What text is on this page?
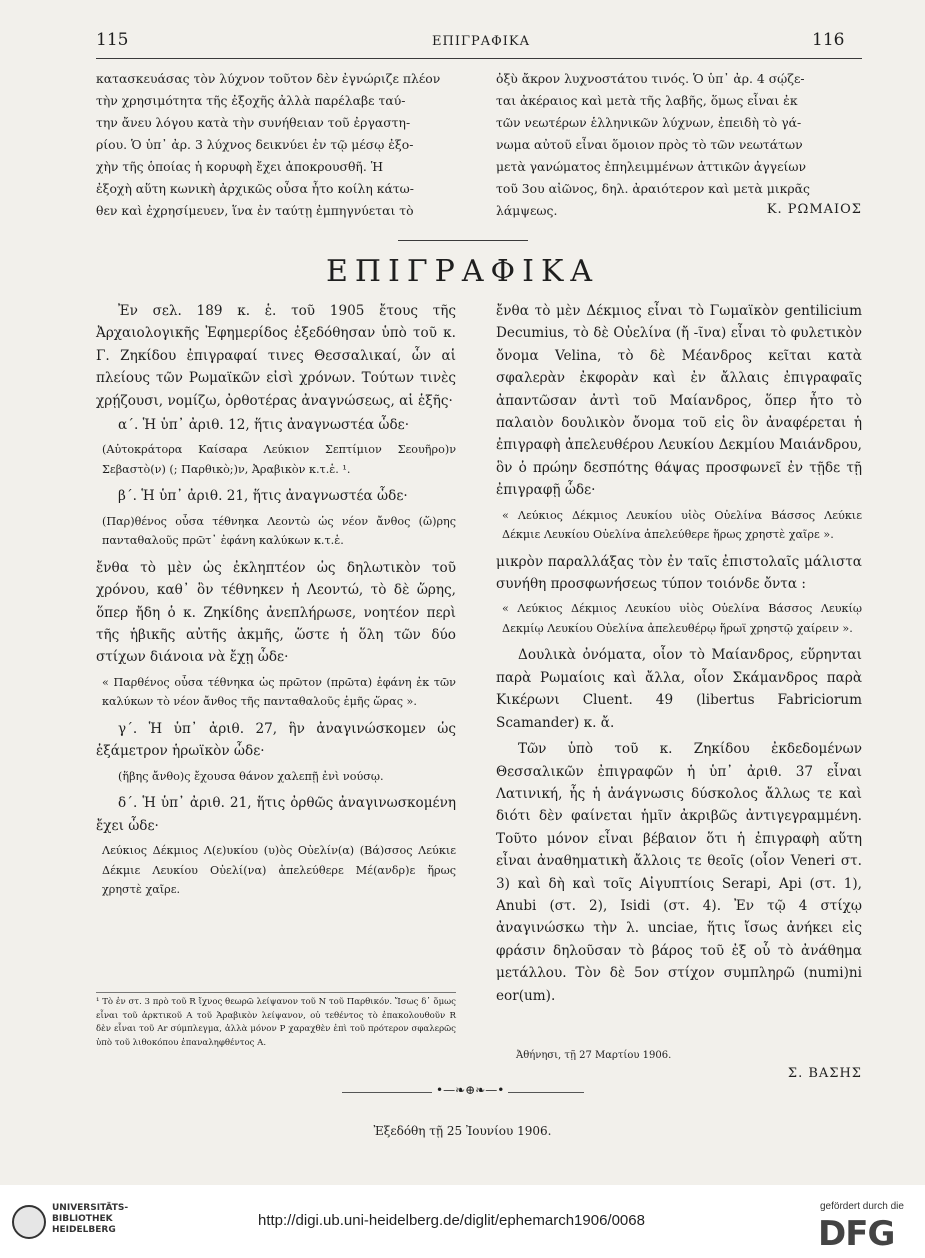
115	ΕΠΙΓΡΑΦΙΚΑ	116

κατασκευάσας τὸν λύχνον τοῦτον δὲν ἐγνώριζε πλέον

τὴν χρησιμότητα τῆς ἐξοχῆς ἀλλὰ παρέλαβε ταύ-

την ἄνευ λόγου κατὰ τὴν συνήθειαν τοῦ ἐργαστη-

ρίου. Ὁ ὑπ᾽ ἀρ. 3 λύχνος δεικνύει ἐν τῷ μέσῳ ἐξο-

χὴν τῆς ὁποίας ἡ κορυφὴ ἔχει ἀποκρουσθῆ. Ἡ

ἐξοχὴ αὕτη κωνικὴ ἀρχικῶς οὖσα ἦτο κοίλη κάτω-

θεν καὶ ἐχρησίμευεν, ἵνα ἐν ταύτῃ ἐμπηγνύεται τὸ

ὀξὺ ἄκρον λυχνοστάτου τινός. Ὁ ὑπ᾽ ἀρ. 4 σῴζε-

ται ἀκέραιος καὶ μετὰ τῆς λαβῆς, ὅμως εἶναι ἐκ

τῶν νεωτέρων ἑλληνικῶν λύχνων, ἐπειδὴ τὸ γά-

νωμα αὐτοῦ εἶναι ὅμοιον πρὸς τὸ τῶν νεωτάτων

μετὰ γανώματος ἐπηλειμμένων ἀττικῶν ἀγγείων

τοῦ 3ου αἰῶνος, δηλ. ἀραιότερον καὶ μετὰ μικρᾶς

λάμψεως.	Κ. ΡΩΜΑΙΟΣ
ΕΠΙΓΡΑΦΙΚΑ

Ἐν σελ. 189 κ. ἑ. τοῦ 1905 ἔτους τῆς Ἀρχαιολογικῆς Ἐφημερίδος ἐξεδόθησαν ὑπὸ τοῦ κ. Γ. Ζηκίδου ἐπιγραφαί τινες Θεσσαλικαί, ὧν αἱ πλείους τῶν Ρωμαϊκῶν εἰσὶ χρόνων. Τούτων τινὲς χρῄζουσι, νομίζω, ὀρθοτέρας ἀναγνώσεως, αἱ ἑξῆς·

α΄. Ἡ ὑπ᾽ ἀριθ. 12, ἥτις ἀναγνωστέα ὧδε·

(Αὐτοκράτορα Καίσαρα Λεύκιον Σεπτίμιον Σεουῆρο)ν Σεβαστὸ(ν) (; Παρθικὸ;)ν, Ἀραβικὸν κ.τ.ἑ. ¹.

β΄. Ἡ ὑπ᾽ ἀριθ. 21, ἥτις ἀναγνωστέα ὧδε·

(Παρ)θένος οὖσα τέθνηκα Λεοντὼ ὡς νέον ἄνθος (ὥ)ρης πανταθαλοῦς πρῶτ᾽ ἐφάνη καλύκων κ.τ.ἑ.

ἔνθα τὸ μὲν ὡς ἐκληπτέον ὡς δηλωτικὸν τοῦ χρόνου, καθ᾽ ὃν τέθνηκεν ἡ Λεοντώ, τὸ δὲ ὥρης, ὅπερ ἤδη ὁ κ. Ζηκίδης ἀνεπλήρωσε, νοητέον περὶ τῆς ἡβικῆς αὐτῆς ἀκμῆς, ὥστε ἡ ὅλη τῶν δύο στίχων διάνοια νὰ ἔχῃ ὧδε·

« Παρθένος οὖσα τέθνηκα ὡς πρῶτον (πρῶτα) ἐφάνη ἐκ τῶν καλύκων τὸ νέον ἄνθος τῆς πανταθαλοῦς ἐμῆς ὥρας ».

γ΄. Ἡ ὑπ᾽ ἀριθ. 27, ἣν ἀναγινώσκομεν ὡς ἑξάμετρον ἡρωϊκὸν ὧδε·

(ἥβης ἄνθο)ς ἔχουσα θάνον χαλεπῇ ἐνὶ νούσῳ.

δ΄. Ἡ ὑπ᾽ ἀριθ. 21, ἥτις ὀρθῶς ἀναγινωσκομένη ἔχει ὧδε·

Λεύκιος Δέκμιος Λ(ε)υκίου (υ)ὸς Οὐελίν(α) (Βά)σσος Λεύκιε Δέκμιε Λευκίου Οὐελί(να) ἀπελεύθερε Μέ(ανδρ)ε ἥρως χρηστὲ χαῖρε.

¹ Τὸ ἐν στ. 3 πρὸ τοῦ R ἴχνος θεωρῶ λείψανον τοῦ N τοῦ Παρθικόν. Ἴσως δ᾽ ὅμως εἶναι τοῦ ἀρκτικοῦ A τοῦ Ἀραβικὸν λείψανον, οὐ τεθέντος τὸ ἐπακολουθοῦν R δὲν εἶναι τοῦ Ar σύμπλεγμα, ἀλλὰ μόνον P χαραχθὲν ἐπὶ τοῦ πρότερον σφαλερῶς ὑπὸ τοῦ λιθοκόπου ἐπαναληφθέντος A.

ἔνθα τὸ μὲν Δέκμιος εἶναι τὸ Γωμαϊκὸν gentilicium Decumius, τὸ δὲ Οὐελίνα (ἤ -ῖνα) εἶναι τὸ φυλετικὸν ὄνομα Velina, τὸ δὲ Μέανδρος κεῖται κατὰ σφαλερὰν ἐκφορὰν καὶ ἐν ἄλλαις ἐπιγραφαῖς ἀπαντῶσαν ἀντὶ τοῦ Μαίανδρος, ὅπερ ἦτο τὸ παλαιὸν δουλικὸν ὄνομα τοῦ εἰς ὃν ἀναφέρεται ἡ ἐπιγραφὴ ἀπελευθέρου Λευκίου Δεκμίου Μαιάνδρου, ὃν ὁ πρώην δεσπότης θάψας προσφωνεῖ ἐν τῇδε τῇ ἐπιγραφῇ ὧδε·

« Λεύκιος Δέκμιος Λευκίου υἱὸς Οὐελίνα Βάσσος Λεύκιε Δέκμιε Λευκίου Οὐελίνα ἀπελεύθερε ἥρως χρηστὲ χαῖρε ».

μικρὸν παραλλάξας τὸν ἐν ταῖς ἐπιστολαῖς μάλιστα συνήθη προσφωνήσεως τύπον τοιόνδε ὄντα :

« Λεύκιος Δέκμιος Λευκίου υἱὸς Οὐελίνα Βάσσος Λευκίῳ Δεκμίῳ Λευκίου Οὐελίνα ἀπελευθέρῳ ἥρωϊ χρηστῷ χαίρειν ».

Δουλικὰ ὀνόματα, οἷον τὸ Μαίανδρος, εὕρηνται παρὰ Ρωμαίοις καὶ ἄλλα, οἷον Σκάμανδρος παρὰ Κικέρωνι Cluent. 49 (libertus Fabriciorum Scamander) κ. ἄ.

Τῶν ὑπὸ τοῦ κ. Ζηκίδου ἐκδεδομένων Θεσσαλικῶν ἐπιγραφῶν ἡ ὑπ᾽ ἀριθ. 37 εἶναι Λατινική, ἧς ἡ ἀνάγνωσις δύσκολος ἄλλως τε καὶ διότι δὲν φαίνεται ἡμῖν ἀκριβῶς ἀντιγεγραμμένη. Τοῦτο μόνον εἶναι βέβαιον ὅτι ἡ ἐπιγραφὴ αὕτη εἶναι ἀναθηματικὴ ἄλλοις τε θεοῖς (οἷον Veneri στ. 3) καὶ δὴ καὶ τοῖς Αἰγυπτίοις Serapi, Api (στ. 1), Anubi (στ. 2), Isidi (στ. 4). Ἐν τῷ 4 στίχῳ ἀναγινώσκω τὴν λ. unciae, ἥτις ἴσως ἀνήκει εἰς φράσιν δηλοῦσαν τὸ βάρος τοῦ ἐξ οὗ τὸ ἀνάθημα μετάλλου. Τὸν δὲ 5ον στίχον συμπληρῶ (numi)ni eor(um).

Ἀθήνησι, τῇ 27 Μαρτίου 1906.
Σ. ΒΑΣΗΣ
•—❧⊕❧—•
Ἐξεδόθη τῇ 25 Ἰουνίου 1906.
UNIVERSITÄTS-
BIBLIOTHEK
HEIDELBERG
http://digi.ub.uni-heidelberg.de/diglit/ephemarch1906/0068
gefördert durch die
DFG
